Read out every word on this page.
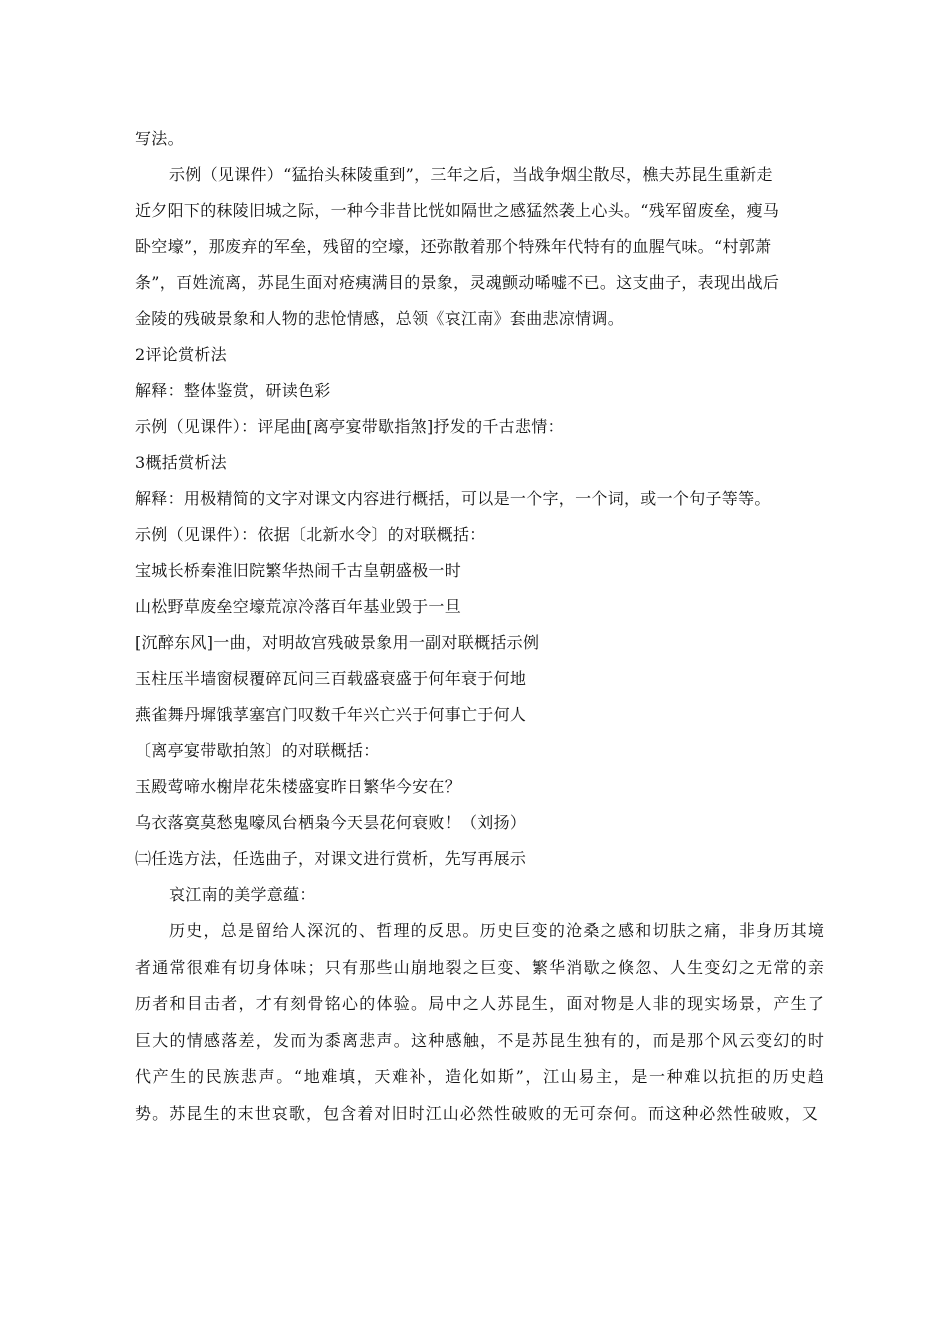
写法。
示例（见课件）“猛抬头秣陵重到”，三年之后，当战争烟尘散尽，樵夫苏昆生重新走
近夕阳下的秣陵旧城之际，一种今非昔比恍如隔世之感猛然袭上心头。“残军留废垒，瘦马
卧空壕”，那废弃的军垒，残留的空壕，还弥散着那个特殊年代特有的血腥气味。“村郭萧
条”，百姓流离，苏昆生面对疮痍满目的景象，灵魂颤动唏嘘不已。这支曲子，表现出战后
金陵的残破景象和人物的悲怆情感，总领《哀江南》套曲悲凉情调。
2评论赏析法
解释：整体鉴赏，研读色彩
示例（见课件）：评尾曲[离亭宴带歇指煞]抒发的千古悲情：
3概括赏析法
解释：用极精简的文字对课文内容进行概括，可以是一个字，一个词，或一个句子等等。
示例（见课件）：依据〔北新水令〕的对联概括：
宝城长桥秦淮旧院繁华热闹千古皇朝盛极一时
山松野草废垒空壕荒凉冷落百年基业毁于一旦
[沉醉东风]一曲，对明故宫残破景象用一副对联概括示例
玉柱压半墙窗棂覆碎瓦问三百载盛衰盛于何年衰于何地
燕雀舞丹墀饿莩塞宫门叹数千年兴亡兴于何事亡于何人
〔离亭宴带歇拍煞〕的对联概括：
玉殿莺啼水榭岸花朱楼盛宴昨日繁华今安在？
乌衣落寞莫愁鬼嚎凤台栖枭今天昙花何衰败！（刘扬）
㈡任选方法，任选曲子，对课文进行赏析，先写再展示
哀江南的美学意蕴：
历史，总是留给人深沉的、哲理的反思。历史巨变的沧桑之感和切肤之痛，非身历其境者通常很难有切身体味；只有那些山崩地裂之巨变、繁华消歇之倏忽、人生变幻之无常的亲历者和目击者，才有刻骨铭心的体验。局中之人苏昆生，面对物是人非的现实场景，产生了巨大的情感落差，发而为黍离悲声。这种感触，不是苏昆生独有的，而是那个风云变幻的时代产生的民族悲声。“地难填，天难补，造化如斯”，江山易主，是一种难以抗拒的历史趋势。苏昆生的末世哀歌，包含着对旧时江山必然性破败的无可奈何。而这种必然性破败，又
